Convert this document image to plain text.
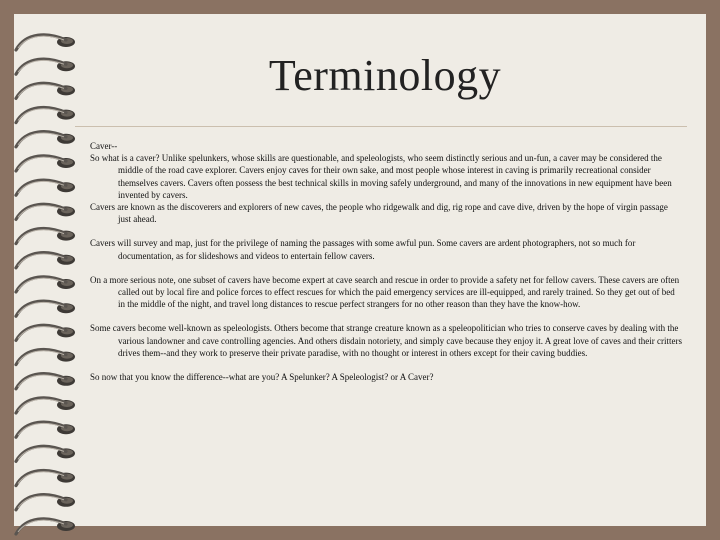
Terminology

Caver--

So what is a caver? Unlike spelunkers, whose skills are questionable, and speleologists, who seem distinctly serious and un-fun, a caver may be considered the middle of the road cave explorer. Cavers enjoy caves for their own sake, and most people whose interest in caving is primarily recreational consider themselves cavers. Cavers often possess the best technical skills in moving safely underground, and many of the innovations in new equipment have been invented by cavers.

Cavers are known as the discoverers and explorers of new caves, the people who ridgewalk and dig, rig rope and cave dive, driven by the hope of virgin passage just ahead.

Cavers will survey and map, just for the privilege of naming the passages with some awful pun. Some cavers are ardent photographers, not so much for documentation, as for slideshows and videos to entertain fellow cavers.

On a more serious note, one subset of cavers have become expert at cave search and rescue in order to provide a safety net for fellow cavers. These cavers are often called out by local fire and police forces to effect rescues for which the paid emergency services are ill-equipped, and rarely trained. So they get out of bed in the middle of the night, and travel long distances to rescue perfect strangers for no other reason than they have the know-how.

Some cavers become well-known as speleologists. Others become that strange creature known as a speleopolitician who tries to conserve caves by dealing with the various landowner and cave controlling agencies. And others disdain notoriety, and simply cave because they enjoy it. A great love of caves and their critters drives them--and they work to preserve their private paradise, with no thought or interest in others except for their caving buddies.

So now that you know the difference--what are you? A Spelunker? A Speleologist? or A Caver?
